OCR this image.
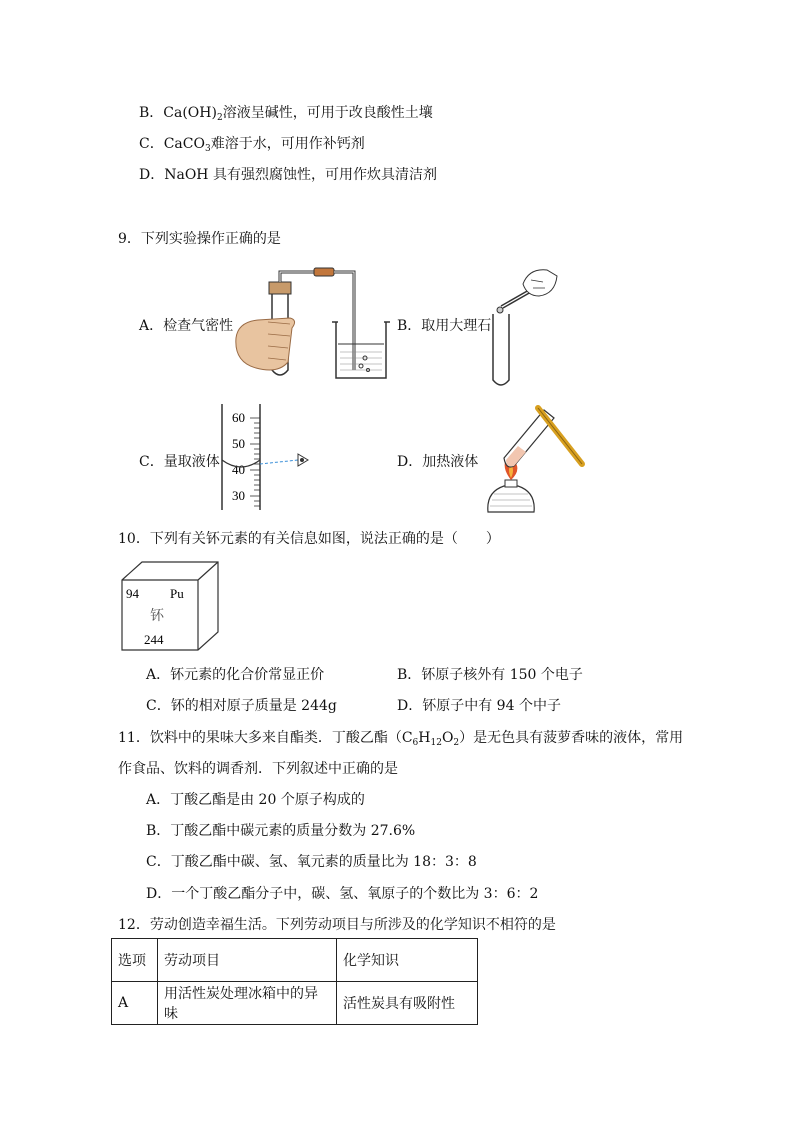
B．$Ca(OH)_2$溶液呈碱性，可用于改良酸性土壤
C．CaCO$_3$难溶于水，可用作补钙剂
D．NaOH 具有强烈腐蚀性，可用作炊具清洁剂
9．下列实验操作正确的是
A．检查气密性	B．取用大理石
C．量取液体	D．加热液体
60
50
40
30
10．下列有关钚元素的有关信息如图，说法正确的是（　　）
94 Pu
钚
244
A．钚元素的化合价常显正价	B．钚原子核外有 150 个电子
C．钚的相对原子质量是 244g	D．钚原子中有 94 个中子
11．饮料中的果味大多来自酯类．丁酸乙酯$(C_6H_{12}O_2)$是无色具有菠萝香味的液体，常用
作食品、饮料的调香剂．下列叙述中正确的是
A．丁酸乙酯是由 20 个原子构成的
B．丁酸乙酯中碳元素的质量分数为 27.6%
C．丁酸乙酯中碳、氢、氧元素的质量比为 18：3：8
D．一个丁酸乙酯分子中，碳、氢、氧原子的个数比为 3：6：2
12．劳动创造幸福生活。下列劳动项目与所涉及的化学知识不相符的是
选项	劳动项目	化学知识
A	用活性炭处理冰箱中的异味	活性炭具有吸附性
